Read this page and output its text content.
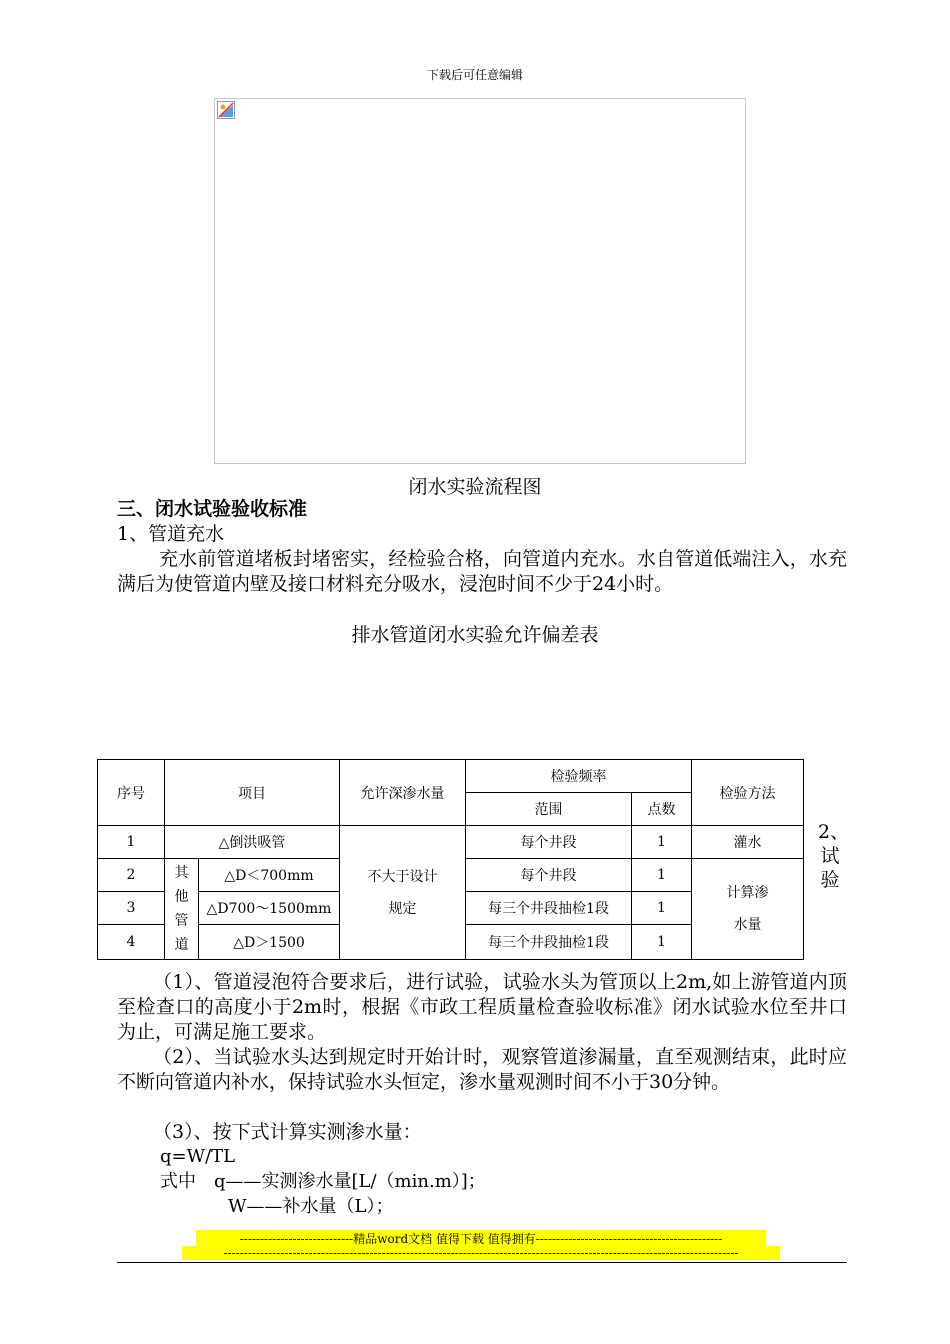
下载后可任意编辑
闭水实验流程图
三、闭水试验验收标准
1、管道充水
充水前管道堵板封堵密实，经检验合格，向管道内充水。水自管道低端注入，水充满后为使管道内壁及接口材料充分吸水，浸泡时间不少于24小时。
排水管道闭水实验允许偏差表
序号	项目		允许深渗水量	检验频率		检验方法
				范围	点数	
1	△倒洪吸管		不大于设计规定	每个井段	1	灌水
2	其他管道	△D＜700mm		每个井段	1	计算渗水量

3		△D700～1500mm		每三个井段抽检1段	1	
4		△D＞1500		每三个井段抽检1段	1	
2、试验
（1）、管道浸泡符合要求后，进行试验，试验水头为管顶以上2m,如上游管道内顶至检查口的高度小于2m时，根据《市政工程质量检查验收标准》闭水试验水位至井口为止，可满足施工要求。
（2）、当试验水头达到规定时开始计时，观察管道渗漏量，直至观测结束，此时应不断向管道内补水，保持试验水头恒定，渗水量观测时间不小于30分钟。
（3）、按下式计算实测渗水量：
q=W/TL
式中　q——实测渗水量[L/（min.m）]；
W——补水量（L）；
----------------------------精品word文档 值得下载 值得拥有----------------------------------------------
-------------------------------------------------------------------------------------------------------------------------------
